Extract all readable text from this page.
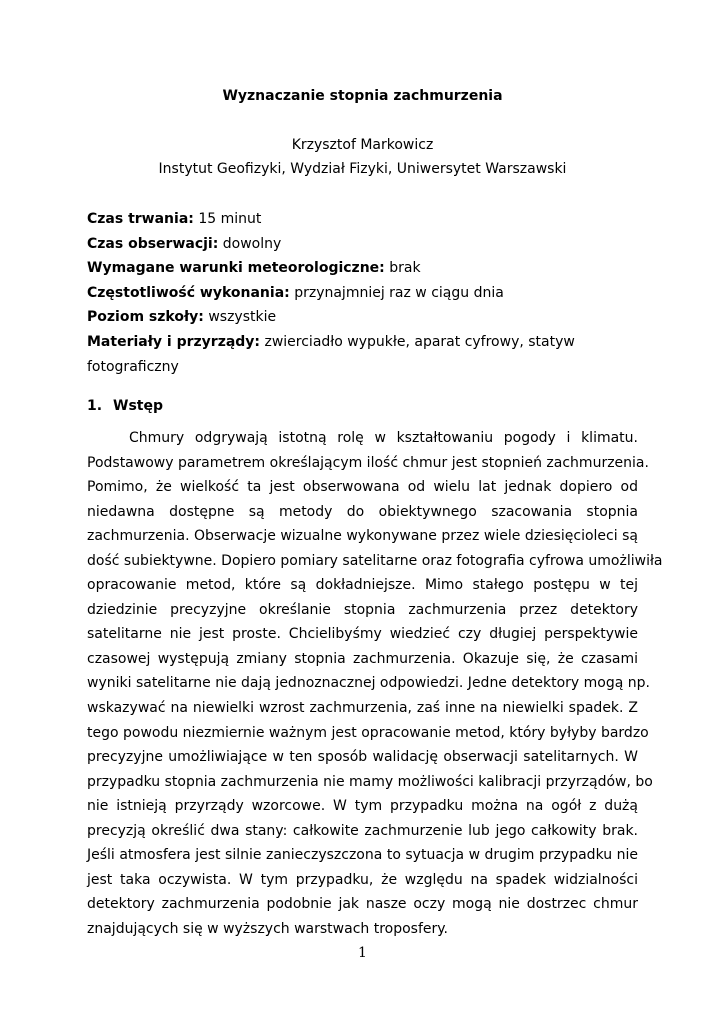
Wyznaczanie stopnia zachmurzenia
Krzysztof Markowicz
Instytut Geofizyki, Wydział Fizyki, Uniwersytet Warszawski
Czas trwania: 15 minut
Czas obserwacji: dowolny
Wymagane warunki meteorologiczne: brak
Częstotliwość wykonania: przynajmniej raz w ciągu dnia
Poziom szkoły: wszystkie
Materiały i przyrządy: zwierciadło wypukłe, aparat cyfrowy, statyw
fotograficzny
1. Wstęp
Chmury odgrywają istotną rolę w kształtowaniu pogody i klimatu.
Podstawowy parametrem określającym ilość chmur jest stopnień zachmurzenia.
Pomimo, że wielkość ta jest obserwowana od wielu lat jednak dopiero od
niedawna dostępne są metody do obiektywnego szacowania stopnia
zachmurzenia. Obserwacje wizualne wykonywane przez wiele dziesięcioleci są
dość subiektywne. Dopiero pomiary satelitarne oraz fotografia cyfrowa umożliwiła
opracowanie metod, które są dokładniejsze. Mimo stałego postępu w tej
dziedzinie precyzyjne określanie stopnia zachmurzenia przez detektory
satelitarne nie jest proste. Chcielibyśmy wiedzieć czy długiej perspektywie
czasowej występują zmiany stopnia zachmurzenia. Okazuje się, że czasami
wyniki satelitarne nie dają jednoznacznej odpowiedzi. Jedne detektory mogą np.
wskazywać na niewielki wzrost zachmurzenia, zaś inne na niewielki spadek. Z
tego powodu niezmiernie ważnym jest opracowanie metod, który byłyby bardzo
precyzyjne umożliwiające w ten sposób walidację obserwacji satelitarnych. W
przypadku stopnia zachmurzenia nie mamy możliwości kalibracji przyrządów, bo
nie istnieją przyrządy wzorcowe. W tym przypadku można na ogół z dużą
precyzją określić dwa stany: całkowite zachmurzenie lub jego całkowity brak.
Jeśli atmosfera jest silnie zanieczyszczona to sytuacja w drugim przypadku nie
jest taka oczywista. W tym przypadku, że względu na spadek widzialności
detektory zachmurzenia podobnie jak nasze oczy mogą nie dostrzec chmur
znajdujących się w wyższych warstwach troposfery.
1
